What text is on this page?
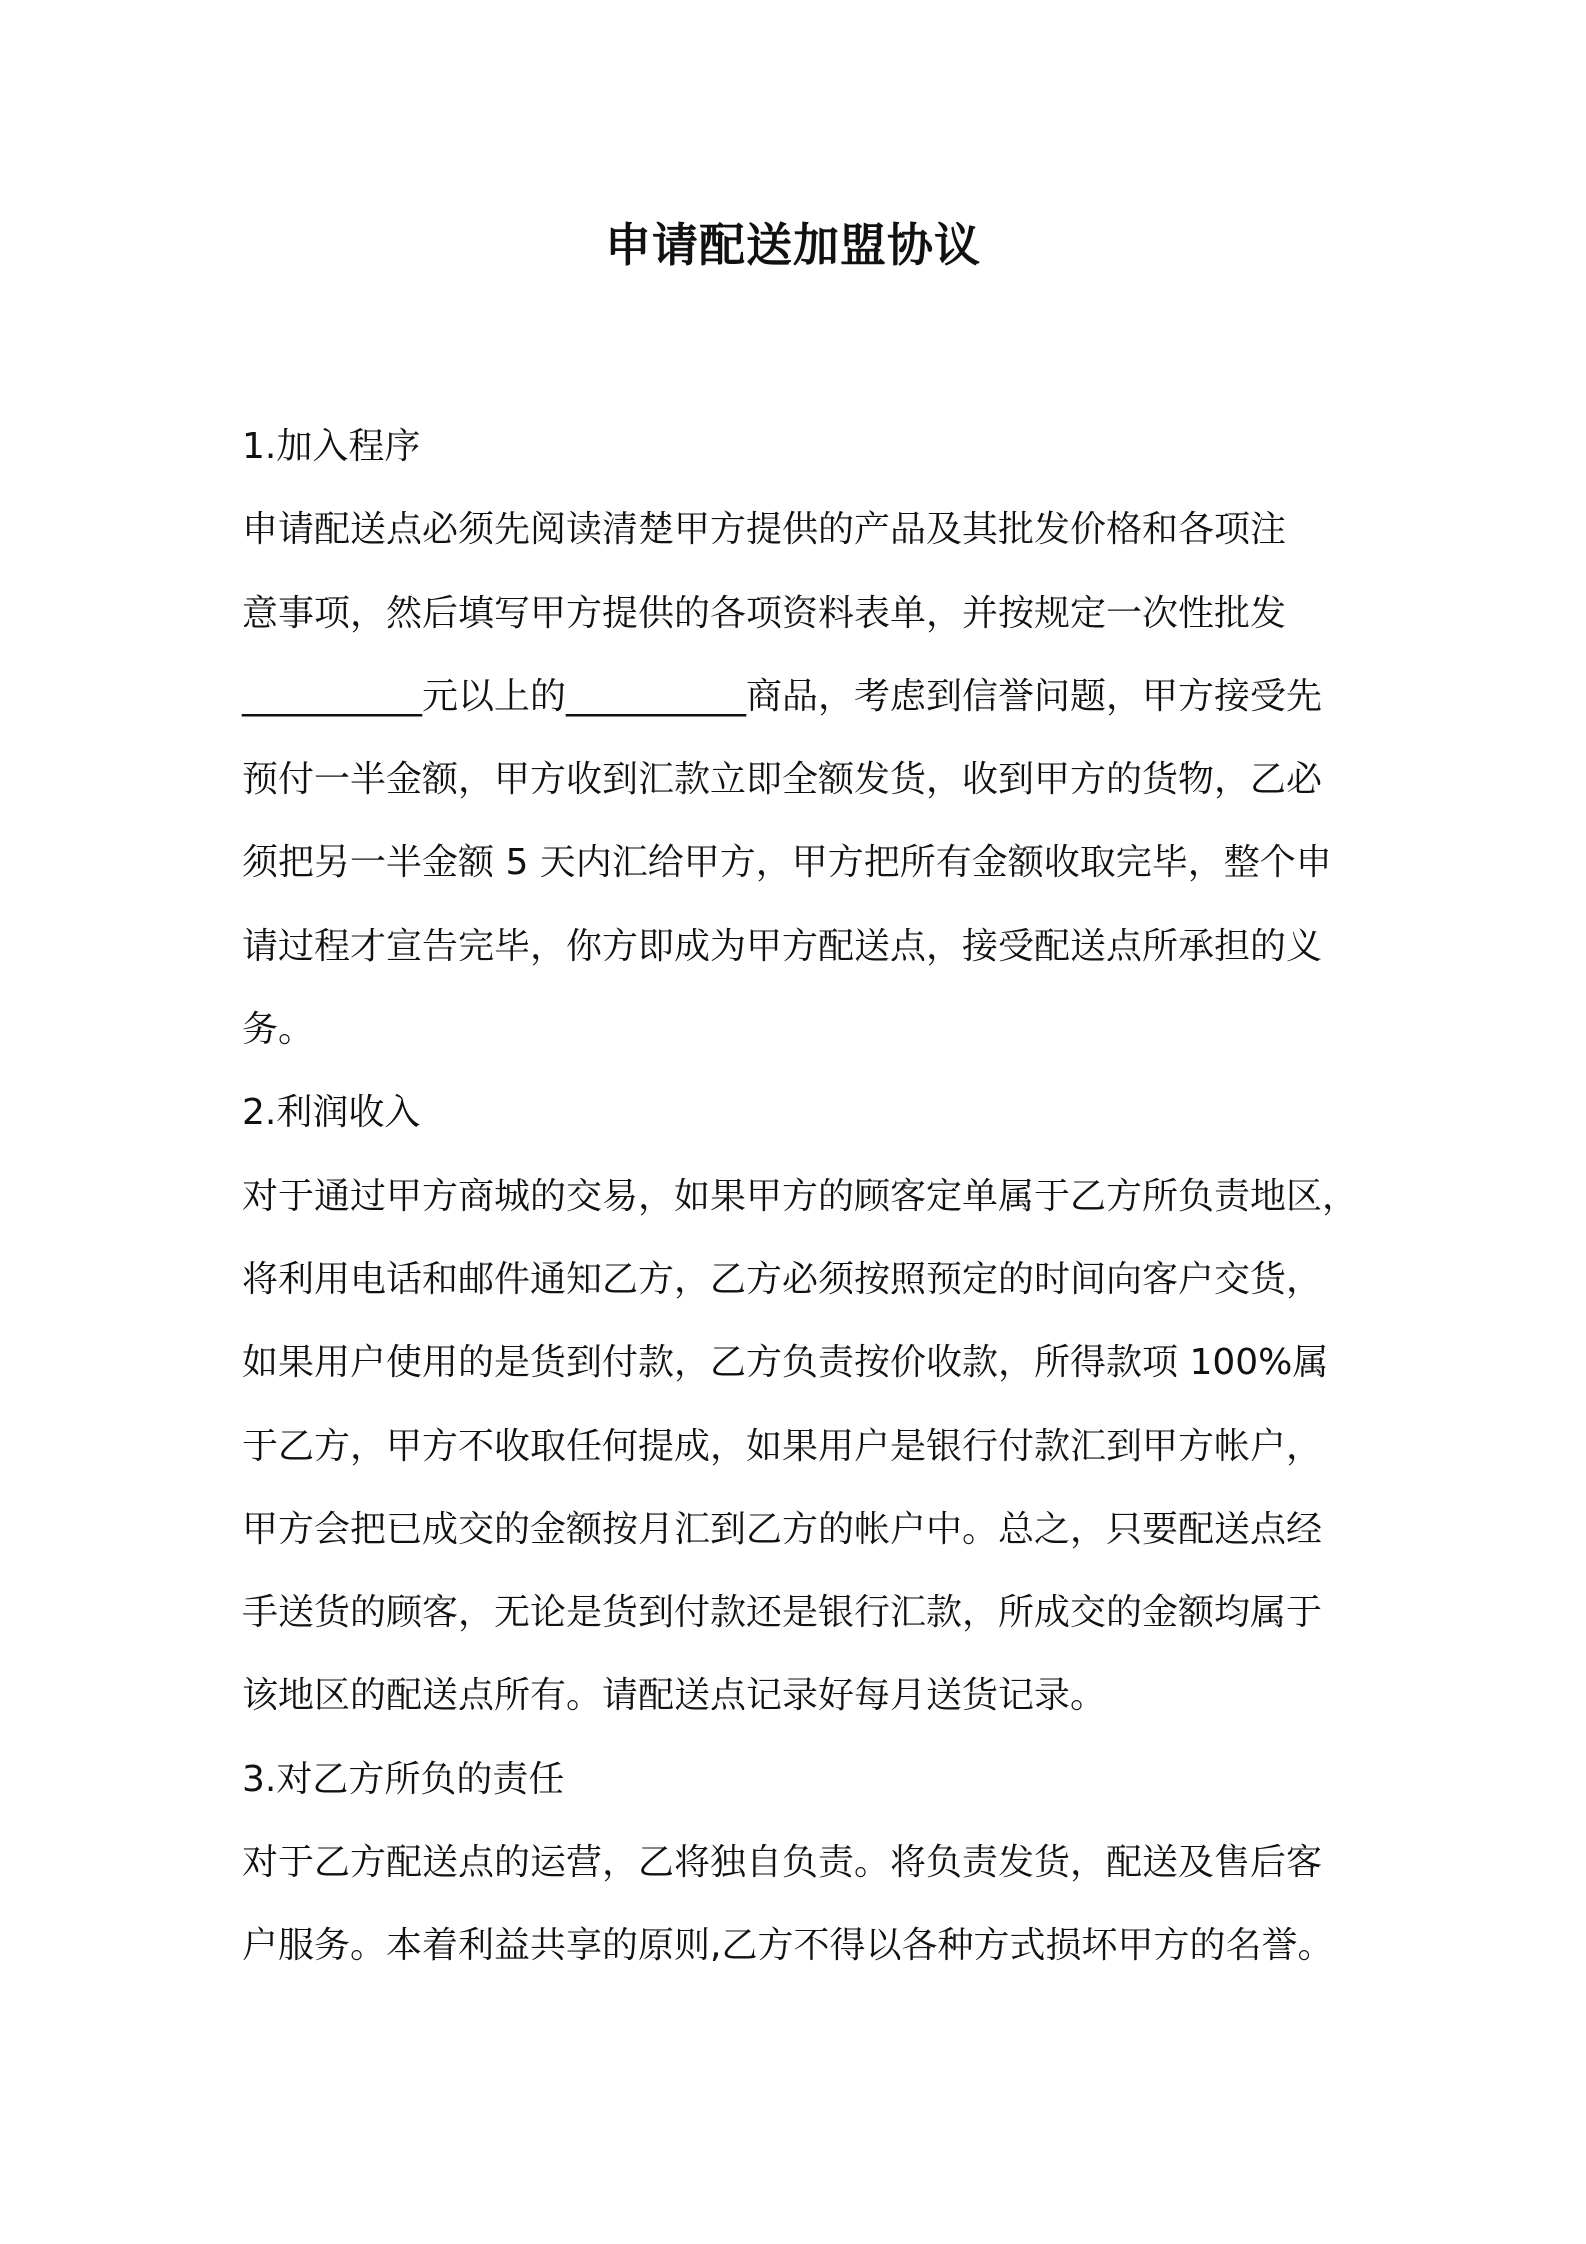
申请配送加盟协议
1.加入程序
申请配送点必须先阅读清楚甲方提供的产品及其批发价格和各项注
意事项，然后填写甲方提供的各项资料表单，并按规定一次性批发
__________元以上的__________商品，考虑到信誉问题，甲方接受先
预付一半金额，甲方收到汇款立即全额发货，收到甲方的货物，乙必
须把另一半金额 5 天内汇给甲方，甲方把所有金额收取完毕，整个申
请过程才宣告完毕，你方即成为甲方配送点，接受配送点所承担的义
务。
2.利润收入
对于通过甲方商城的交易，如果甲方的顾客定单属于乙方所负责地区，
将利用电话和邮件通知乙方，乙方必须按照预定的时间向客户交货，
如果用户使用的是货到付款，乙方负责按价收款，所得款项 100%属
于乙方，甲方不收取任何提成，如果用户是银行付款汇到甲方帐户，
甲方会把已成交的金额按月汇到乙方的帐户中。总之，只要配送点经
手送货的顾客，无论是货到付款还是银行汇款，所成交的金额均属于
该地区的配送点所有。请配送点记录好每月送货记录。
3.对乙方所负的责任
对于乙方配送点的运营，乙将独自负责。将负责发货，配送及售后客
户服务。本着利益共享的原则,乙方不得以各种方式损坏甲方的名誉。
